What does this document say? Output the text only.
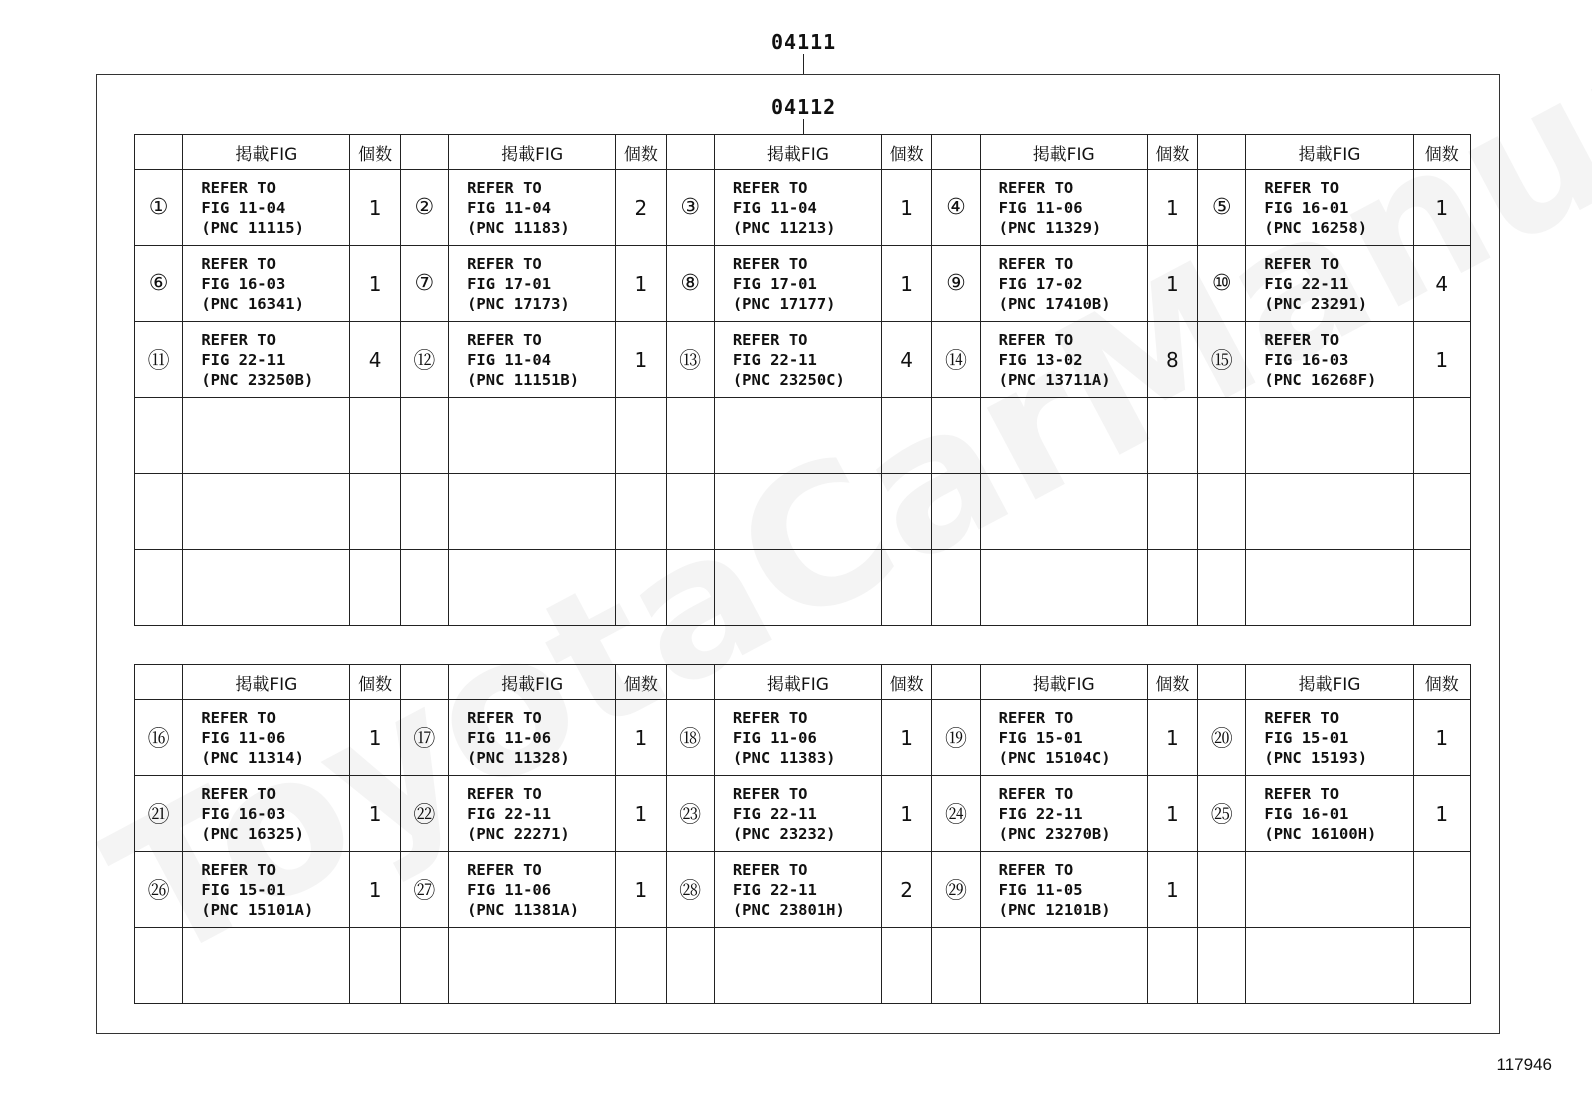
04111
04112
	掲載FIG	個数		掲載FIG	個数		掲載FIG	個数		掲載FIG	個数		掲載FIG	個数
①	REFER TO
FIG 11-04
(PNC 11115)	1	②	REFER TO
FIG 11-04
(PNC 11183)	2	③	REFER TO
FIG 11-04
(PNC 11213)	1	④	REFER TO
FIG 11-06
(PNC 11329)	1	⑤	REFER TO
FIG 16-01
(PNC 16258)	1
⑥	REFER TO
FIG 16-03
(PNC 16341)	1	⑦	REFER TO
FIG 17-01
(PNC 17173)	1	⑧	REFER TO
FIG 17-01
(PNC 17177)	1	⑨	REFER TO
FIG 17-02
(PNC 17410B)	1	⑩	REFER TO
FIG 22-11
(PNC 23291)	4
⑪	REFER TO
FIG 22-11
(PNC 23250B)	4	⑫	REFER TO
FIG 11-04
(PNC 11151B)	1	⑬	REFER TO
FIG 22-11
(PNC 23250C)	4	⑭	REFER TO
FIG 13-02
(PNC 13711A)	8	⑮	REFER TO
FIG 16-03
(PNC 16268F)	1

	掲載FIG	個数		掲載FIG	個数		掲載FIG	個数		掲載FIG	個数		掲載FIG	個数
⑯	REFER TO
FIG 11-06
(PNC 11314)	1	⑰	REFER TO
FIG 11-06
(PNC 11328)	1	⑱	REFER TO
FIG 11-06
(PNC 11383)	1	⑲	REFER TO
FIG 15-01
(PNC 15104C)	1	⑳	REFER TO
FIG 15-01
(PNC 15193)	1
㉑	REFER TO
FIG 16-03
(PNC 16325)	1	㉒	REFER TO
FIG 22-11
(PNC 22271)	1	㉓	REFER TO
FIG 22-11
(PNC 23232)	1	㉔	REFER TO
FIG 22-11
(PNC 23270B)	1	㉕	REFER TO
FIG 16-01
(PNC 16100H)	1
㉖	REFER TO
FIG 15-01
(PNC 15101A)	1	㉗	REFER TO
FIG 11-06
(PNC 11381A)	1	㉘	REFER TO
FIG 22-11
(PNC 23801H)	2	㉙	REFER TO
FIG 11-05
(PNC 12101B)	1		

117946
